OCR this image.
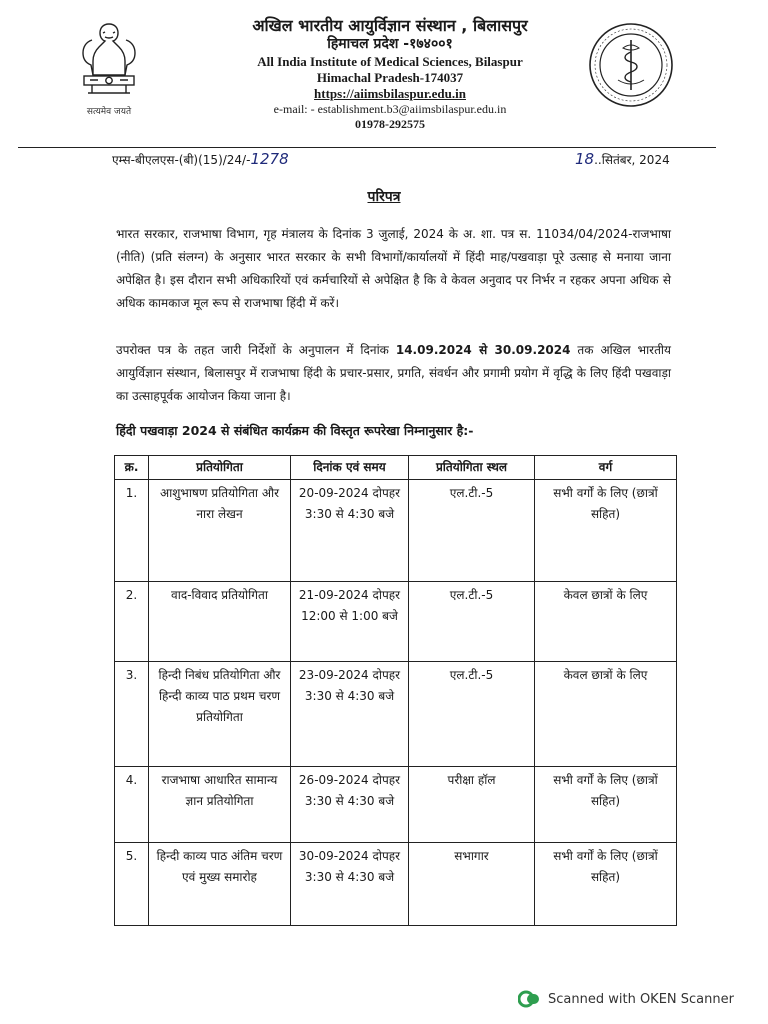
सत्यमेव जयते
अखिल भारतीय आयुर्विज्ञान संस्थान , बिलासपुर
हिमाचल प्रदेश -१७४००१
All India Institute of Medical Sciences, Bilaspur
Himachal Pradesh-174037
https://aiimsbilaspur.edu.in
e-mail: - establishment.b3@aiimsbilaspur.edu.in
01978-292575
एम्स-बीएलएस-(बी)(15)/24/-1278	18..सितंबर, 2024
परिपत्र
भारत सरकार, राजभाषा विभाग, गृह मंत्रालय के दिनांक 3 जुलाई, 2024 के अ. शा. पत्र स. 11034/04/2024-राजभाषा (नीति) (प्रति संलग्न) के अनुसार भारत सरकार के सभी विभागों/कार्यालयों में हिंदी माह/पखवाड़ा पूरे उत्साह से मनाया जाना अपेक्षित है। इस दौरान सभी अधिकारियों एवं कर्मचारियों से अपेक्षित है कि वे केवल अनुवाद पर निर्भर न रहकर अपना अधिक से अधिक कामकाज मूल रूप से राजभाषा हिंदी में करें।
उपरोक्त पत्र के तहत जारी निर्देशों के अनुपालन में दिनांक 14.09.2024 से 30.09.2024 तक अखिल भारतीय आयुर्विज्ञान संस्थान, बिलासपुर में राजभाषा हिंदी के प्रचार-प्रसार, प्रगति, संवर्धन और प्रगामी प्रयोग में वृद्धि के लिए हिंदी पखवाड़ा का उत्साहपूर्वक आयोजन किया जाना है।
हिंदी पखवाड़ा 2024 से संबंधित कार्यक्रम की विस्तृत रूपरेखा निम्नानुसार है:-
क्र.	प्रतियोगिता	दिनांक एवं समय	प्रतियोगिता स्थल	वर्ग
1.	आशुभाषण प्रतियोगिता और नारा लेखन	20-09-2024 दोपहर 3:30 से 4:30 बजे	एल.टी.-5	सभी वर्गों के लिए (छात्रों सहित)
2.	वाद-विवाद प्रतियोगिता	21-09-2024 दोपहर 12:00 से 1:00 बजे	एल.टी.-5	केवल छात्रों के लिए
3.	हिन्दी निबंध प्रतियोगिता और हिन्दी काव्य पाठ प्रथम चरण प्रतियोगिता	23-09-2024 दोपहर 3:30 से 4:30 बजे	एल.टी.-5	केवल छात्रों के लिए
4.	राजभाषा आधारित सामान्य ज्ञान प्रतियोगिता	26-09-2024 दोपहर 3:30 से 4:30 बजे	परीक्षा हॉल	सभी वर्गों के लिए (छात्रों सहित)
5.	हिन्दी काव्य पाठ अंतिम चरण एवं मुख्य समारोह	30-09-2024 दोपहर 3:30 से 4:30 बजे	सभागार	सभी वर्गों के लिए (छात्रों सहित)
Scanned with OKEN Scanner
